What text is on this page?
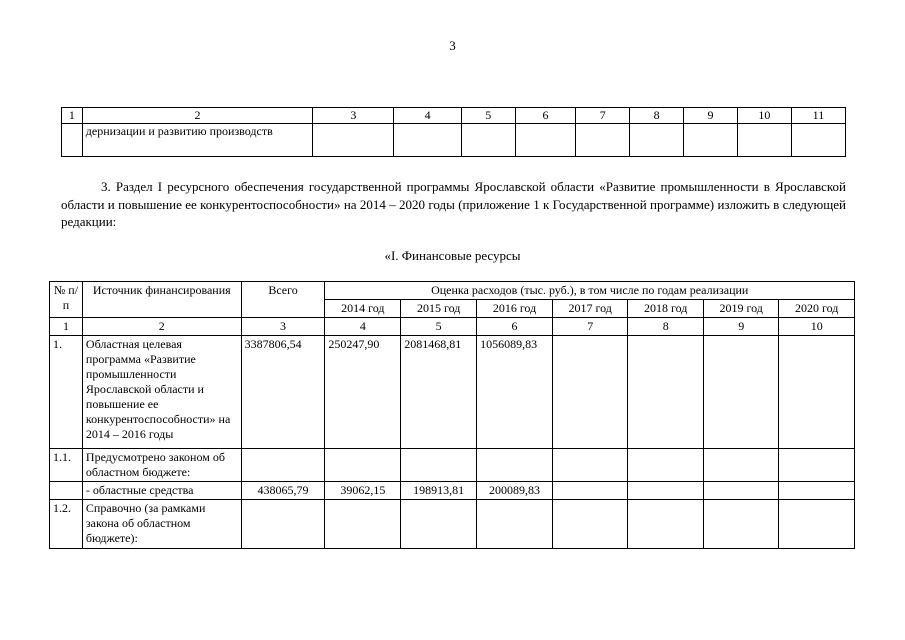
3
1	2	3	4	5	6	7	8	9	10	11
	дернизации и развитию производств									

3. Раздел I ресурсного обеспечения государственной программы Ярославской области «Развитие промышленности в Ярославской области и повышение ее конкурентоспособности» на 2014 – 2020 годы (приложение 1 к Государственной программе) изложить в следующей редакции:

«I. Финансовые ресурсы
№ п/п	Источник финансирования	Всего	Оценка расходов (тыс. руб.), в том числе по годам реализации						
			2014 год	2015 год	2016 год	2017 год	2018 год	2019 год	2020 год
1	2	3	4	5	6	7	8	9	10
1.	Областная целевая программа «Развитие промышленности Ярославской области и повышение ее конкурентоспособности» на 2014 – 2016 годы	3387806,54	250247,90	2081468,81	1056089,83				
1.1.	Предусмотрено законом об областном бюджете:								
	- областные средства	438065,79	39062,15	198913,81	200089,83				
1.2.	Справочно (за рамками закона об областном бюджете):								
